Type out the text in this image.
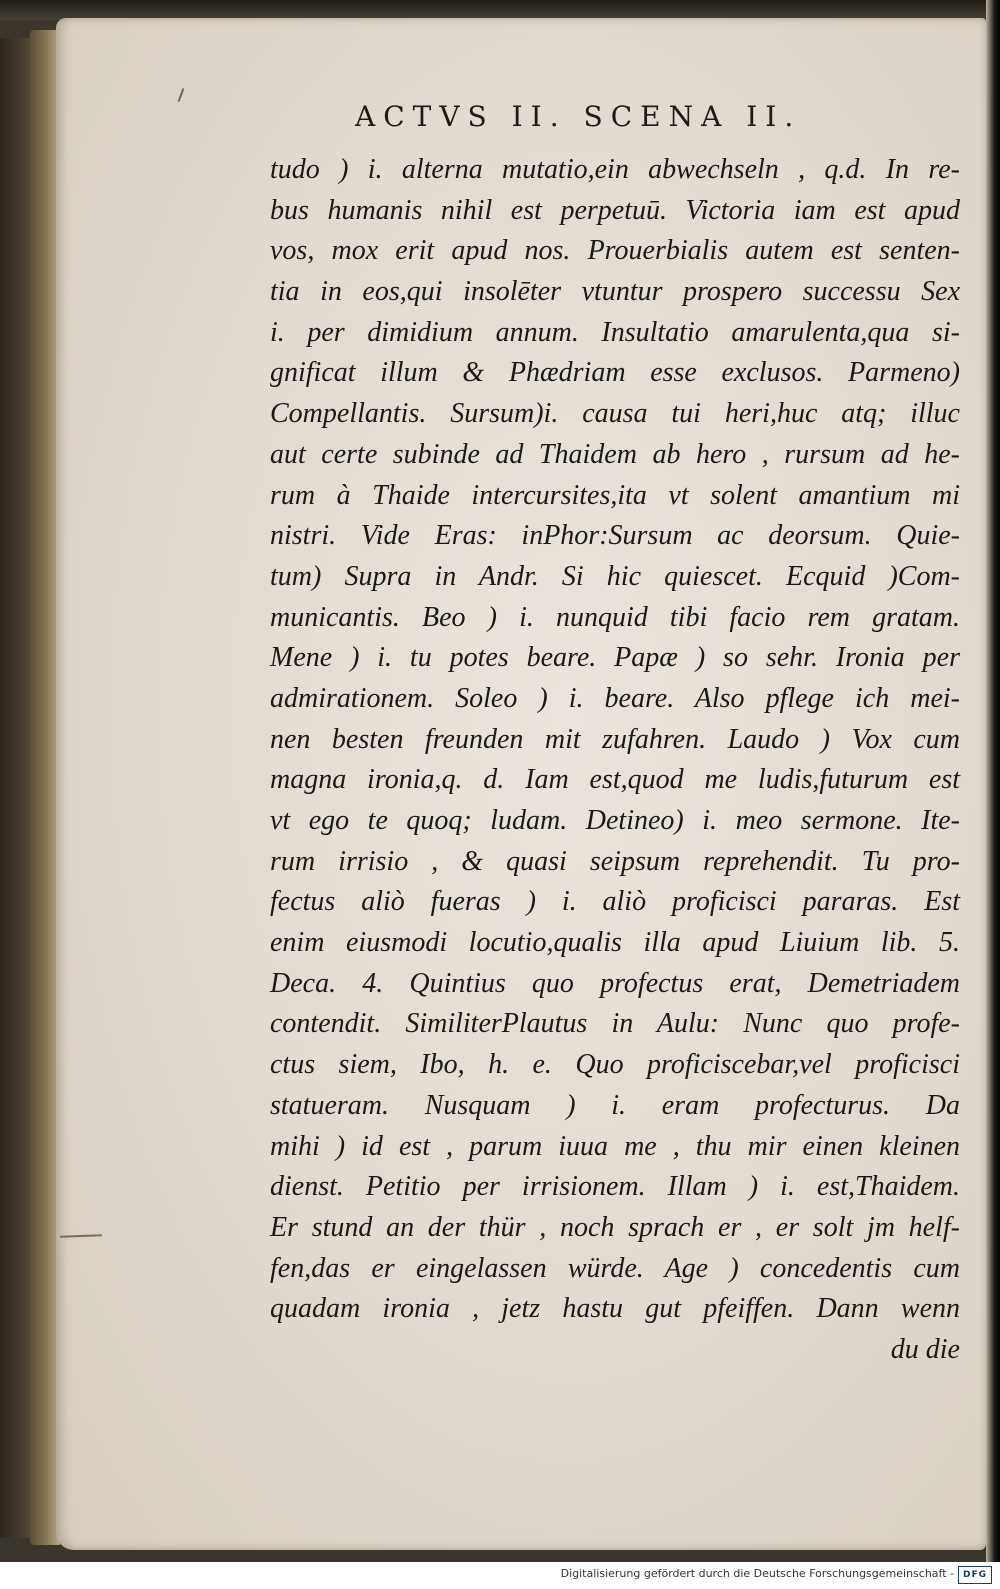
ACTVS II. SCENA II.
tudo ) i. alterna mutatio,ein abwechseln , q.d. In re-
bus humanis nihil est perpetuū. Victoria iam est apud
vos, mox erit apud nos. Prouerbialis autem est senten-
tia in eos,qui insolēter vtuntur prospero successu Sex
i. per dimidium annum. Insultatio amarulenta,qua si-
gnificat illum & Phædriam esse exclusos. Parmeno)
Compellantis. Sursum)i. causa tui heri,huc atq; illuc
aut certe subinde ad Thaidem ab hero , rursum ad he-
rum à Thaide intercursites,ita vt solent amantium mi
nistri. Vide Eras: inPhor:Sursum ac deorsum. Quie-
tum) Supra in Andr. Si hic quiescet. Ecquid )Com-
municantis. Beo ) i. nunquid tibi facio rem gratam.
Mene ) i. tu potes beare. Papæ ) so sehr. Ironia per
admirationem. Soleo ) i. beare. Also pflege ich mei-
nen besten freunden mit zufahren. Laudo ) Vox cum
magna ironia,q. d. Iam est,quod me ludis,futurum est
vt ego te quoq; ludam. Detineo) i. meo sermone. Ite-
rum irrisio , & quasi seipsum reprehendit. Tu pro-
fectus aliò fueras ) i. aliò proficisci pararas. Est
enim eiusmodi locutio,qualis illa apud Liuium lib. 5.
Deca. 4. Quintius quo profectus erat, Demetriadem
contendit. SimiliterPlautus in Aulu: Nunc quo profe-
ctus siem, Ibo, h. e. Quo proficiscebar,vel proficisci
statueram. Nusquam ) i. eram profecturus. Da
mihi ) id est , parum iuua me , thu mir einen kleinen
dienst. Petitio per irrisionem. Illam ) i. est,Thaidem.
Er stund an der thür , noch sprach er , er solt jm helf-
fen,das er eingelassen würde. Age ) concedentis cum
quadam ironia , jetz hastu gut pfeiffen. Dann wenn
du die
Digitalisierung gefördert durch die Deutsche Forschungsgemeinschaft - DFG
